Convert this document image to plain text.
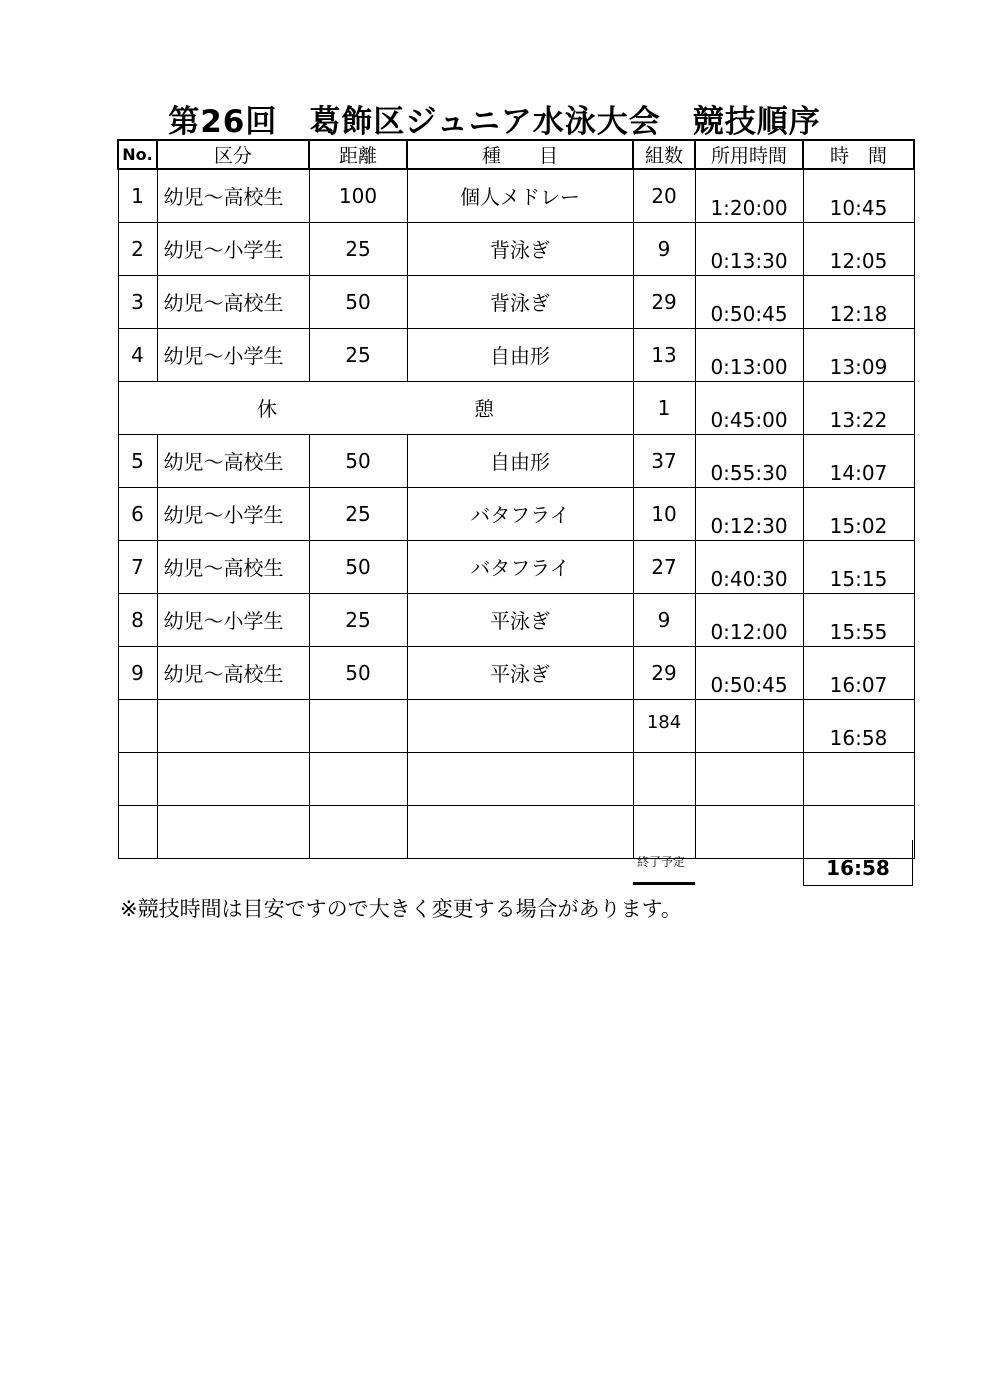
第26回　葛飾区ジュニア水泳大会　競技順序
No.	区分	距離	種　　目	組数	所用時間	時　間
1	幼児～高校生	100	個人メドレー	20	1:20:00	10:45
2	幼児～小学生	25	背泳ぎ	9	0:13:30	12:05
3	幼児～高校生	50	背泳ぎ	29	0:50:45	12:18
4	幼児～小学生	25	自由形	13	0:13:00	13:09

休 憩				1	0:45:00	13:22
5	幼児～高校生	50	自由形	37	0:55:30	14:07
6	幼児～小学生	25	バタフライ	10	0:12:30	15:02
7	幼児～高校生	50	バタフライ	27	0:40:30	15:15
8	幼児～小学生	25	平泳ぎ	9	0:12:00	15:55
9	幼児～高校生	50	平泳ぎ	29	0:50:45	16:07
				184		16:58

終了予定	16:58
※競技時間は目安ですので大きく変更する場合があります。
